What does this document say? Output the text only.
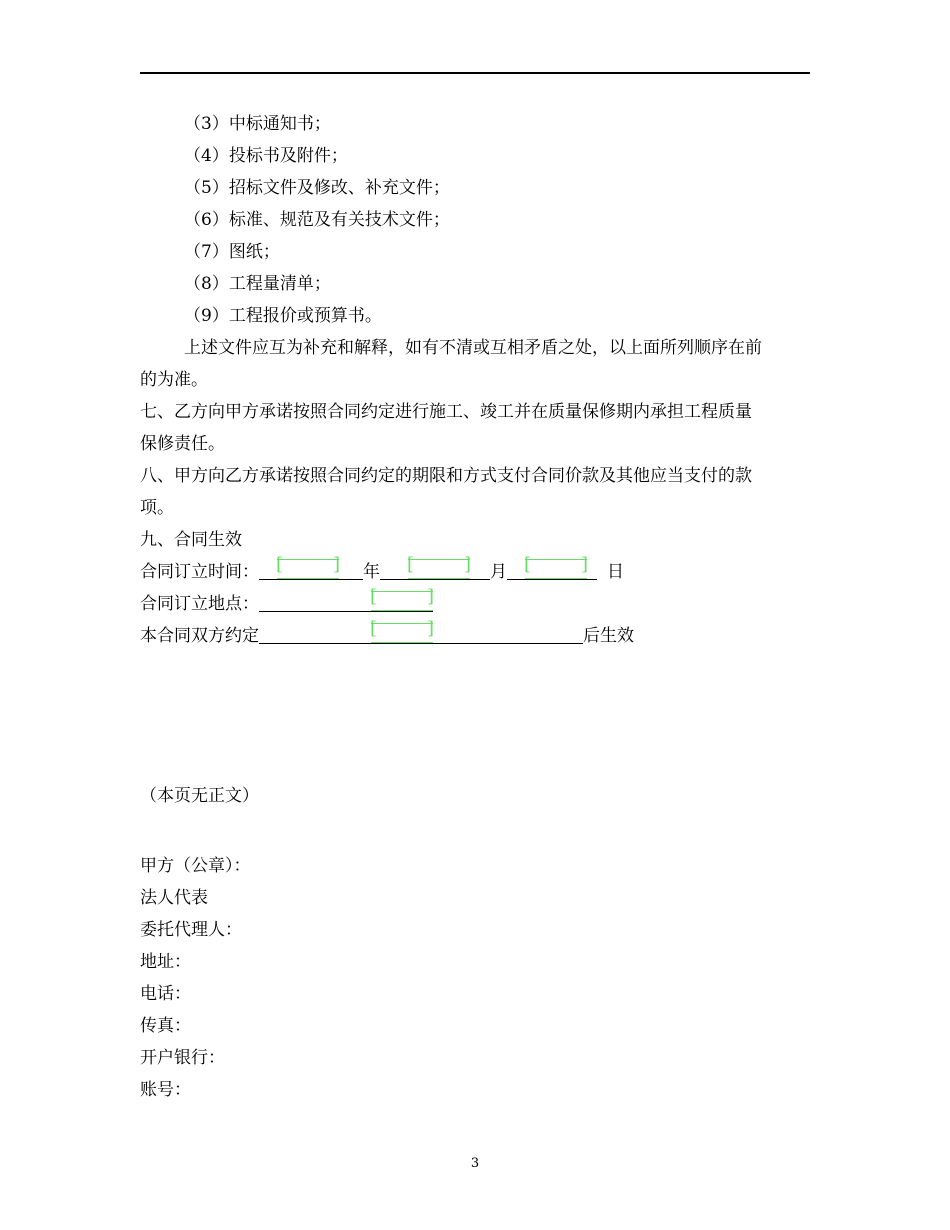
（3）中标通知书；
（4）投标书及附件；
（5）招标文件及修改、补充文件；
（6）标准、规范及有关技术文件；
（7）图纸；
（8）工程量清单；
（9）工程报价或预算书。
上述文件应互为补充和解释，如有不清或互相矛盾之处，以上面所列顺序在前
的为准。
七、乙方向甲方承诺按照合同约定进行施工、竣工并在质量保修期内承担工程质量
保修责任。
八、甲方向乙方承诺按照合同约定的期限和方式支付合同价款及其他应当支付的款
项。
九、合同生效
合同订立时间： [	] 年 [	] 月 [	] 日
合同订立地点：	[	]
本合同双方约定	[	]	后生效
（本页无正文）
甲方（公章）：
法人代表
委托代理人：
地址：
电话：
传真：
开户银行：
账号：
3
